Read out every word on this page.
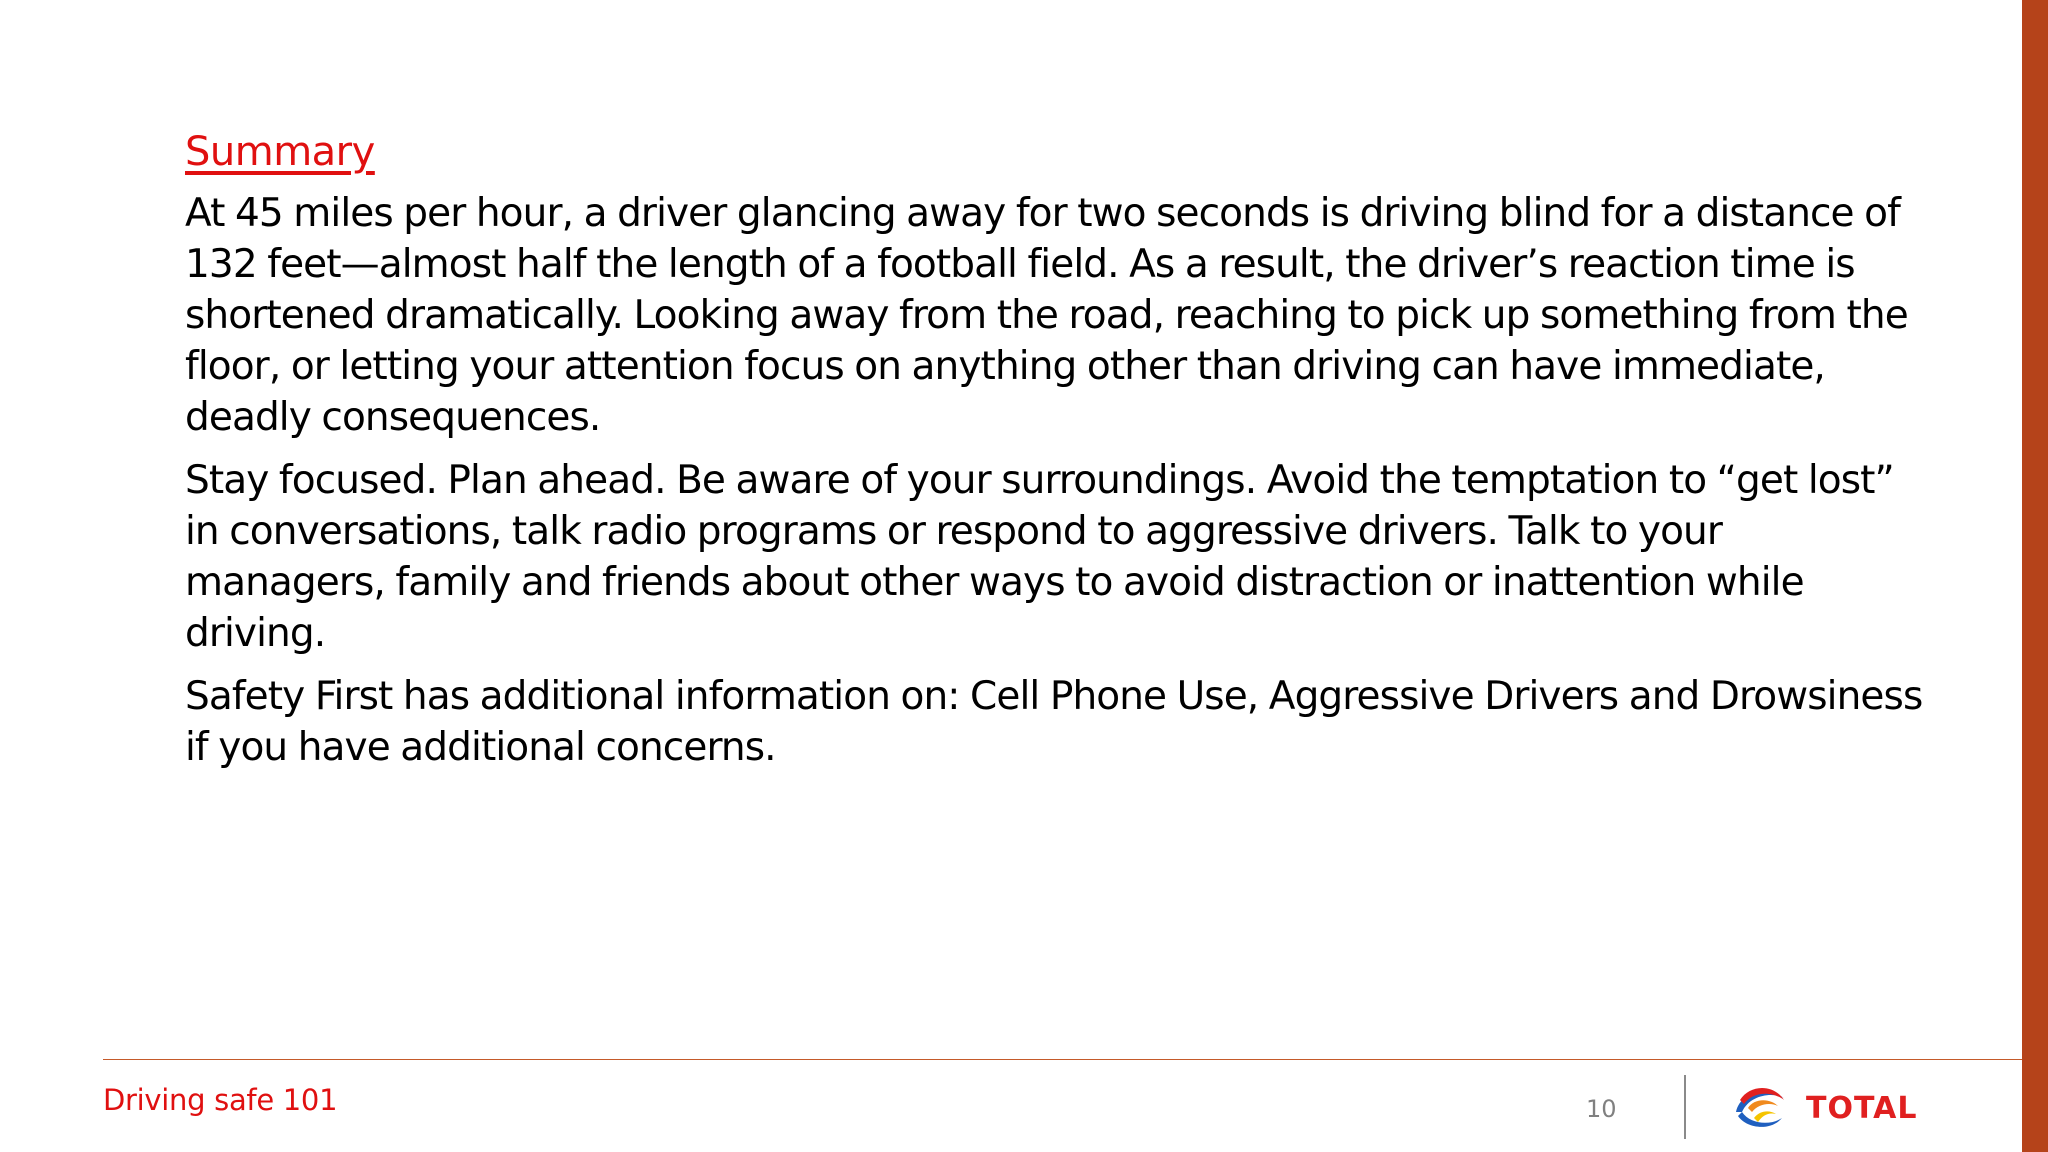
Summary

At 45 miles per hour, a driver glancing away for two seconds is driving blind for a distance of 132 feet—almost half the length of a football field. As a result, the driver’s reaction time is shortened dramatically. Looking away from the road, reaching to pick up something from the floor, or letting your attention focus on anything other than driving can have immediate, deadly consequences.

Stay focused. Plan ahead. Be aware of your surroundings. Avoid the temptation to “get lost” in conversations, talk radio programs or respond to aggressive drivers. Talk to your managers, family and friends about other ways to avoid distraction or inattention while driving.

Safety First has additional information on: Cell Phone Use, Aggressive Drivers and Drowsiness if you have additional concerns.

Driving safe 101	10	TOTAL
